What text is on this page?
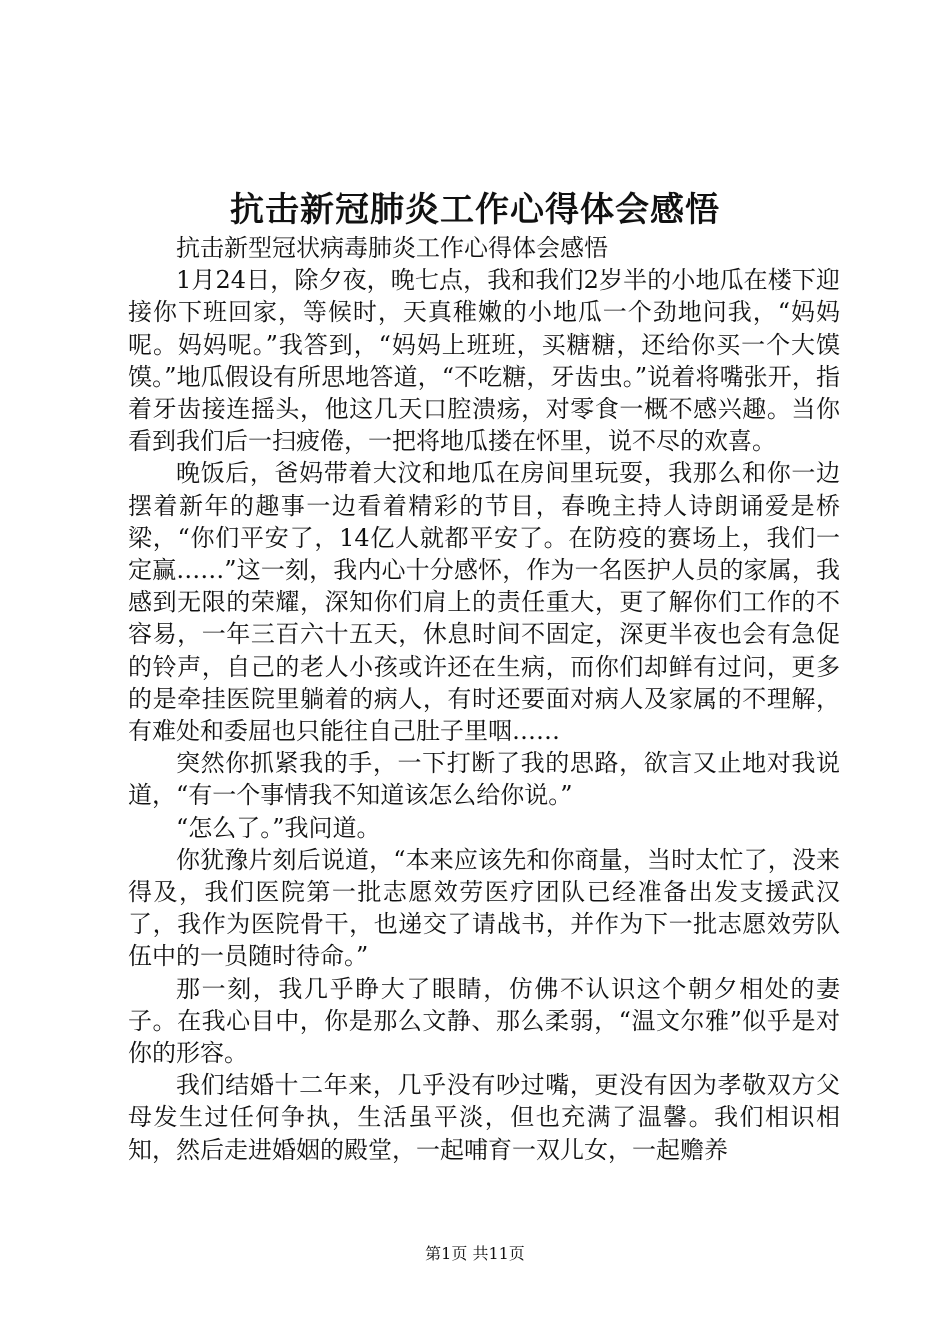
抗击新冠肺炎工作心得体会感悟

抗击新型冠状病毒肺炎工作心得体会感悟

1月24日，除夕夜，晚七点，我和我们2岁半的小地瓜在楼下迎接你下班回家，等候时，天真稚嫩的小地瓜一个劲地问我，“妈妈呢。妈妈呢。”我答到，“妈妈上班班，买糖糖，还给你买一个大馍馍。”地瓜假设有所思地答道，“不吃糖，牙齿虫。”说着将嘴张开，指着牙齿接连摇头，他这几天口腔溃疡，对零食一概不感兴趣。当你看到我们后一扫疲倦，一把将地瓜搂在怀里，说不尽的欢喜。

晚饭后，爸妈带着大汶和地瓜在房间里玩耍，我那么和你一边摆着新年的趣事一边看着精彩的节目，春晚主持人诗朗诵爱是桥梁，“你们平安了，14亿人就都平安了。在防疫的赛场上，我们一定赢……”这一刻，我内心十分感怀，作为一名医护人员的家属，我感到无限的荣耀，深知你们肩上的责任重大，更了解你们工作的不容易，一年三百六十五天，休息时间不固定，深更半夜也会有急促的铃声，自己的老人小孩或许还在生病，而你们却鲜有过问，更多的是牵挂医院里躺着的病人，有时还要面对病人及家属的不理解，有难处和委屈也只能往自己肚子里咽……

突然你抓紧我的手，一下打断了我的思路，欲言又止地对我说道，“有一个事情我不知道该怎么给你说。”

“怎么了。”我问道。

你犹豫片刻后说道，“本来应该先和你商量，当时太忙了，没来得及，我们医院第一批志愿效劳医疗团队已经准备出发支援武汉了，我作为医院骨干，也递交了请战书，并作为下一批志愿效劳队伍中的一员随时待命。”

那一刻，我几乎睁大了眼睛，仿佛不认识这个朝夕相处的妻子。在我心目中，你是那么文静、那么柔弱，“温文尔雅”似乎是对你的形容。

我们结婚十二年来，几乎没有吵过嘴，更没有因为孝敬双方父母发生过任何争执，生活虽平淡，但也充满了温馨。我们相识相知，然后走进婚姻的殿堂，一起哺育一双儿女，一起赡养

第1页 共11页
